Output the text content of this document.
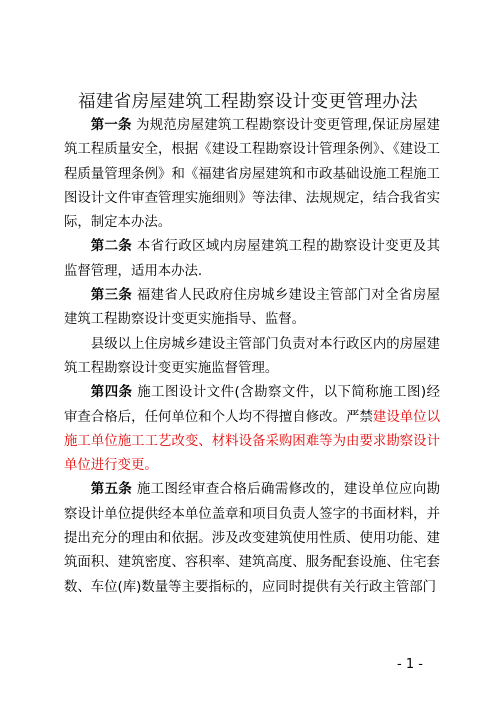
福建省房屋建筑工程勘察设计变更管理办法

第一条 为规范房屋建筑工程勘察设计变更管理,保证房屋建筑工程质量安全，根据《建设工程勘察设计管理条例》、《建设工程质量管理条例》和《福建省房屋建筑和市政基础设施工程施工图设计文件审查管理实施细则》等法律、法规规定，结合我省实际，制定本办法。

第二条 本省行政区域内房屋建筑工程的勘察设计变更及其监督管理，适用本办法.

第三条 福建省人民政府住房城乡建设主管部门对全省房屋建筑工程勘察设计变更实施指导、监督。

县级以上住房城乡建设主管部门负责对本行政区内的房屋建筑工程勘察设计变更实施监督管理。

第四条 施工图设计文件(含勘察文件，以下简称施工图)经审查合格后，任何单位和个人均不得擅自修改。严禁建设单位以施工单位施工工艺改变、材料设备采购困难等为由要求勘察设计单位进行变更。

第五条 施工图经审查合格后确需修改的，建设单位应向勘察设计单位提供经本单位盖章和项目负责人签字的书面材料，并提出充分的理由和依据。涉及改变建筑使用性质、使用功能、建筑面积、建筑密度、容积率、建筑高度、服务配套设施、住宅套数、车位(库)数量等主要指标的，应同时提供有关行政主管部门

- 1 -
